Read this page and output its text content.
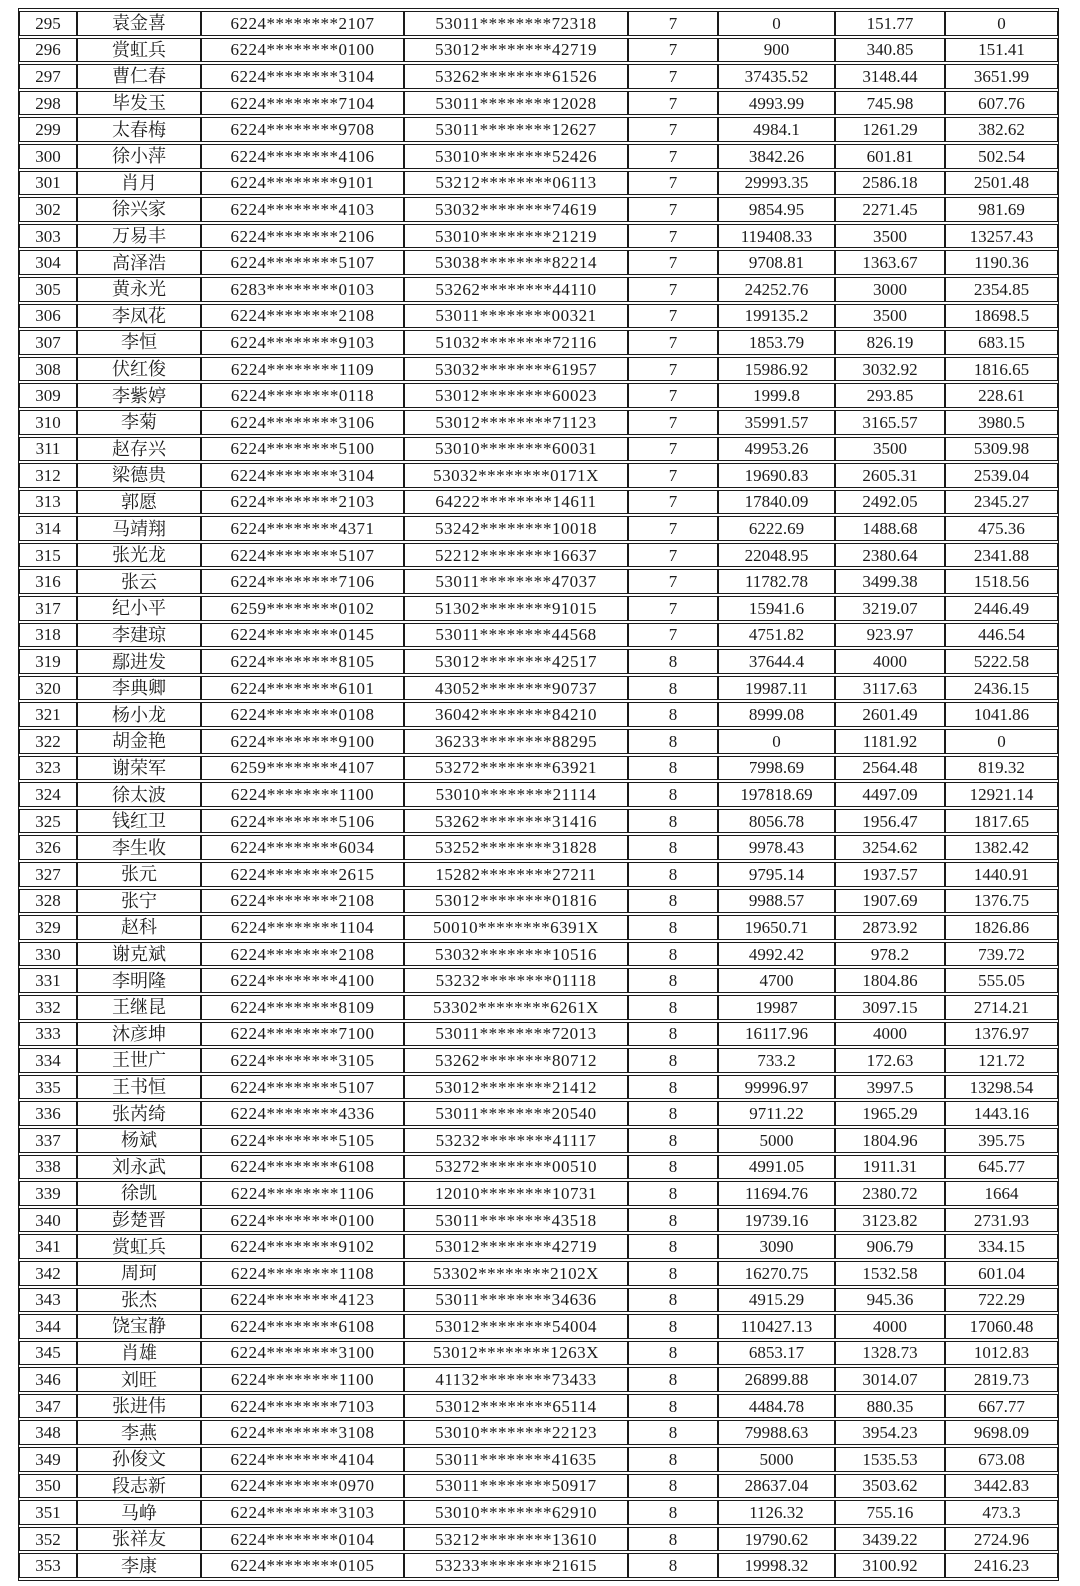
295	袁金喜	6224********2107	53011********72318	7	0	151.77	0
296	赏虹兵	6224********0100	53012********42719	7	900	340.85	151.41
297	曹仁春	6224********3104	53262********61526	7	37435.52	3148.44	3651.99
298	毕发玉	6224********7104	53011********12028	7	4993.99	745.98	607.76
299	太春梅	6224********9708	53011********12627	7	4984.1	1261.29	382.62
300	徐小萍	6224********4106	53010********52426	7	3842.26	601.81	502.54
301	肖月	6224********9101	53212********06113	7	29993.35	2586.18	2501.48
302	徐兴家	6224********4103	53032********74619	7	9854.95	2271.45	981.69
303	万易丰	6224********2106	53010********21219	7	119408.33	3500	13257.43
304	高泽浩	6224********5107	53038********82214	7	9708.81	1363.67	1190.36
305	黄永光	6283********0103	53262********44110	7	24252.76	3000	2354.85
306	李凤花	6224********2108	53011********00321	7	199135.2	3500	18698.5
307	李恒	6224********9103	51032********72116	7	1853.79	826.19	683.15
308	伏红俊	6224********1109	53032********61957	7	15986.92	3032.92	1816.65
309	李紫婷	6224********0118	53012********60023	7	1999.8	293.85	228.61
310	李菊	6224********3106	53012********71123	7	35991.57	3165.57	3980.5
311	赵存兴	6224********5100	53010********60031	7	49953.26	3500	5309.98
312	梁德贵	6224********3104	53032********0171X	7	19690.83	2605.31	2539.04
313	郭愿	6224********2103	64222********14611	7	17840.09	2492.05	2345.27
314	马靖翔	6224********4371	53242********10018	7	6222.69	1488.68	475.36
315	张光龙	6224********5107	52212********16637	7	22048.95	2380.64	2341.88
316	张云	6224********7106	53011********47037	7	11782.78	3499.38	1518.56
317	纪小平	6259********0102	51302********91015	7	15941.6	3219.07	2446.49
318	李建琼	6224********0145	53011********44568	7	4751.82	923.97	446.54
319	鄢进发	6224********8105	53012********42517	8	37644.4	4000	5222.58
320	李典卿	6224********6101	43052********90737	8	19987.11	3117.63	2436.15
321	杨小龙	6224********0108	36042********84210	8	8999.08	2601.49	1041.86
322	胡金艳	6224********9100	36233********88295	8	0	1181.92	0
323	谢荣军	6259********4107	53272********63921	8	7998.69	2564.48	819.32
324	徐太波	6224********1100	53010********21114	8	197818.69	4497.09	12921.14
325	钱红卫	6224********5106	53262********31416	8	8056.78	1956.47	1817.65
326	李生收	6224********6034	53252********31828	8	9978.43	3254.62	1382.42
327	张元	6224********2615	15282********27211	8	9795.14	1937.57	1440.91
328	张宁	6224********2108	53012********01816	8	9988.57	1907.69	1376.75
329	赵科	6224********1104	50010********6391X	8	19650.71	2873.92	1826.86
330	谢克斌	6224********2108	53032********10516	8	4992.42	978.2	739.72
331	李明隆	6224********4100	53232********01118	8	4700	1804.86	555.05
332	王继昆	6224********8109	53302********6261X	8	19987	3097.15	2714.21
333	沐彦坤	6224********7100	53011********72013	8	16117.96	4000	1376.97
334	王世广	6224********3105	53262********80712	8	733.2	172.63	121.72
335	王书恒	6224********5107	53012********21412	8	99996.97	3997.5	13298.54
336	张芮绮	6224********4336	53011********20540	8	9711.22	1965.29	1443.16
337	杨斌	6224********5105	53232********41117	8	5000	1804.96	395.75
338	刘永武	6224********6108	53272********00510	8	4991.05	1911.31	645.77
339	徐凯	6224********1106	12010********10731	8	11694.76	2380.72	1664
340	彭楚晋	6224********0100	53011********43518	8	19739.16	3123.82	2731.93
341	赏虹兵	6224********9102	53012********42719	8	3090	906.79	334.15
342	周珂	6224********1108	53302********2102X	8	16270.75	1532.58	601.04
343	张杰	6224********4123	53011********34636	8	4915.29	945.36	722.29
344	饶宝静	6224********6108	53012********54004	8	110427.13	4000	17060.48
345	肖雄	6224********3100	53012********1263X	8	6853.17	1328.73	1012.83
346	刘旺	6224********1100	41132********73433	8	26899.88	3014.07	2819.73
347	张进伟	6224********7103	53012********65114	8	4484.78	880.35	667.77
348	李燕	6224********3108	53010********22123	8	79988.63	3954.23	9698.09
349	孙俊文	6224********4104	53011********41635	8	5000	1535.53	673.08
350	段志新	6224********0970	53011********50917	8	28637.04	3503.62	3442.83
351	马峥	6224********3103	53010********62910	8	1126.32	755.16	473.3
352	张祥友	6224********0104	53212********13610	8	19790.62	3439.22	2724.96
353	李康	6224********0105	53233********21615	8	19998.32	3100.92	2416.23
